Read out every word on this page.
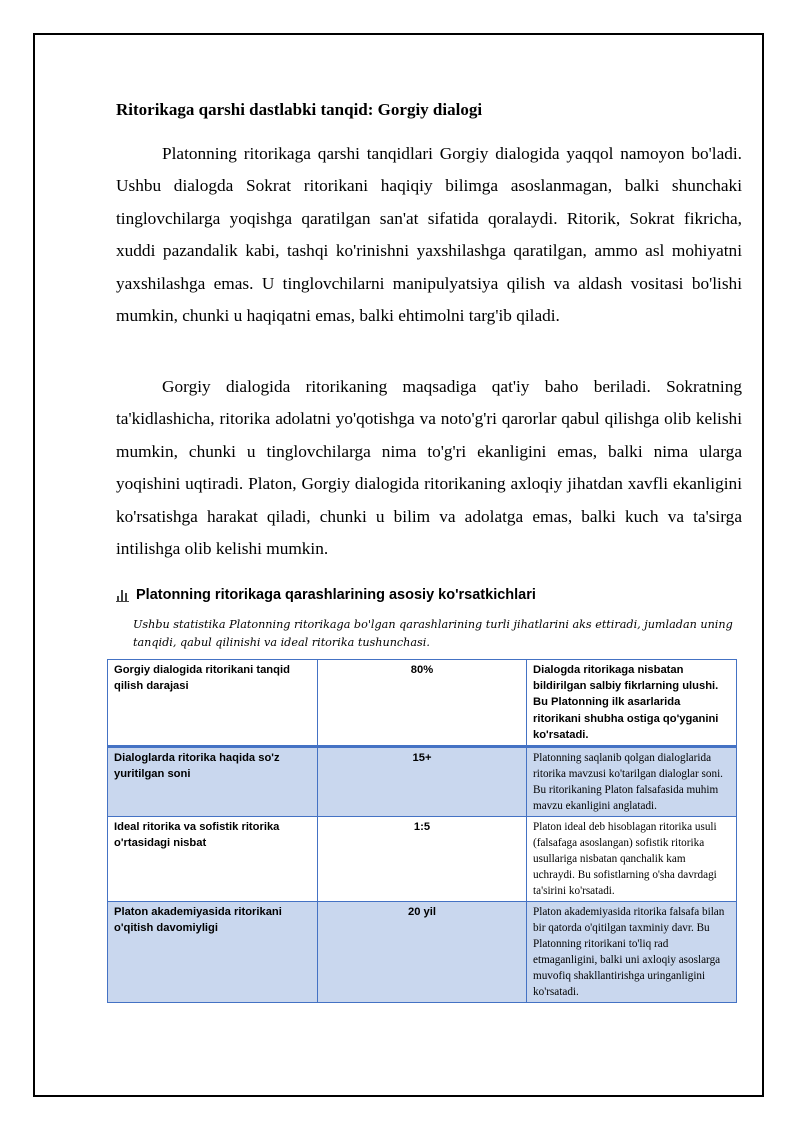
Ritorikaga qarshi dastlabki tanqid: Gorgiy dialogi

Platonning ritorikaga qarshi tanqidlari Gorgiy dialogida yaqqol namoyon bo'ladi. Ushbu dialogda Sokrat ritorikani haqiqiy bilimga asoslanmagan, balki shunchaki tinglovchilarga yoqishga qaratilgan san'at sifatida qoralaydi. Ritorik, Sokrat fikricha, xuddi pazandalik kabi, tashqi ko'rinishni yaxshilashga qaratilgan, ammo asl mohiyatni yaxshilashga emas. U tinglovchilarni manipulyatsiya qilish va aldash vositasi bo'lishi mumkin, chunki u haqiqatni emas, balki ehtimolni targ'ib qiladi.

Gorgiy dialogida ritorikaning maqsadiga qat'iy baho beriladi. Sokratning ta'kidlashicha, ritorika adolatni yo'qotishga va noto'g'ri qarorlar qabul qilishga olib kelishi mumkin, chunki u tinglovchilarga nima to'g'ri ekanligini emas, balki nima ularga yoqishini uqtiradi. Platon, Gorgiy dialogida ritorikaning axloqiy jihatdan xavfli ekanligini ko'rsatishga harakat qiladi, chunki u bilim va adolatga emas, balki kuch va ta'sirga intilishga olib kelishi mumkin.

Platonning ritorikaga qarashlarining asosiy ko'rsatkichlari
Ushbu statistika Platonning ritorikaga bo'lgan qarashlarining turli jihatlarini aks ettiradi, jumladan uning tanqidi, qabul qilinishi va ideal ritorika tushunchasi.
Gorgiy dialogida ritorikani tanqid qilish darajasi	80%	Dialogda ritorikaga nisbatan bildirilgan salbiy fikrlarning ulushi. Bu Platonning ilk asarlarida ritorikani shubha ostiga qo'yganini ko'rsatadi.
Dialoglarda ritorika haqida so'z yuritilgan soni	15+	Platonning saqlanib qolgan dialoglarida ritorika mavzusi ko'tarilgan dialoglar soni. Bu ritorikaning Platon falsafasida muhim mavzu ekanligini anglatadi.
Ideal ritorika va sofistik ritorika o'rtasidagi nisbat	1:5	Platon ideal deb hisoblagan ritorika usuli (falsafaga asoslangan) sofistik ritorika usullariga nisbatan qanchalik kam uchraydi. Bu sofistlarning o'sha davrdagi ta'sirini ko'rsatadi.
Platon akademiyasida ritorikani o'qitish davomiyligi	20 yil	Platon akademiyasida ritorika falsafa bilan bir qatorda o'qitilgan taxminiy davr. Bu Platonning ritorikani to'liq rad etmaganligini, balki uni axloqiy asoslarga muvofiq shakllantirishga uringanligini ko'rsatadi.
